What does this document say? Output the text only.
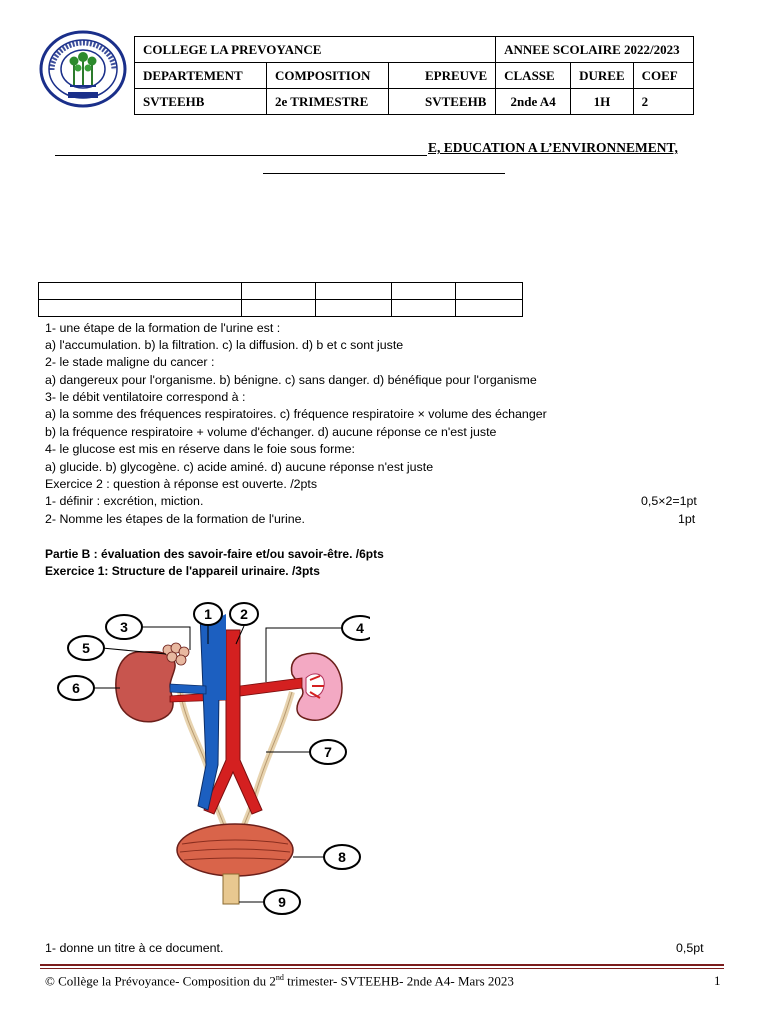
COLLEGE LA PREVOYANCE			ANNEE SCOLAIRE 2022/2023		
DEPARTEMENT	COMPOSITION	EPREUVE	CLASSE	DUREE	COEF
SVTEEHB	2e TRIMESTRE	SVTEEHB	2nde A4	1H	2
E, EDUCATION A L’ENVIRONNEMENT,

1- une étape de la formation de l'urine est :
a) l'accumulation. b) la filtration. c) la diffusion. d) b et c sont juste
2- le stade maligne du cancer :
a) dangereux pour l'organisme. b) bénigne. c) sans danger. d) bénéfique pour l'organisme
3- le débit ventilatoire correspond à :
a) la somme des fréquences respiratoires. c) fréquence respiratoire × volume des échanger
b) la fréquence respiratoire + volume d'échanger. d) aucune réponse ce n'est juste
4- le glucose est mis en réserve dans le foie sous forme:
a) glucide. b) glycogène. c) acide aminé. d) aucune réponse n'est juste
Exercice 2 : question à réponse est ouverte. /2pts
1- définir : excrétion, miction.	0,5×2=1pt
2- Nomme les étapes de la formation de l'urine.	1pt
Partie B : évaluation des savoir-faire et/ou savoir-être. /6pts
Exercice 1: Structure de l'appareil urinaire. /3pts
1 2
3	4
5
6
7
8
9
1- donne un titre à ce document.	0,5pt
© Collège la Prévoyance- Composition du 2nd trimester- SVTEEHB- 2nde A4- Mars 2023	1
